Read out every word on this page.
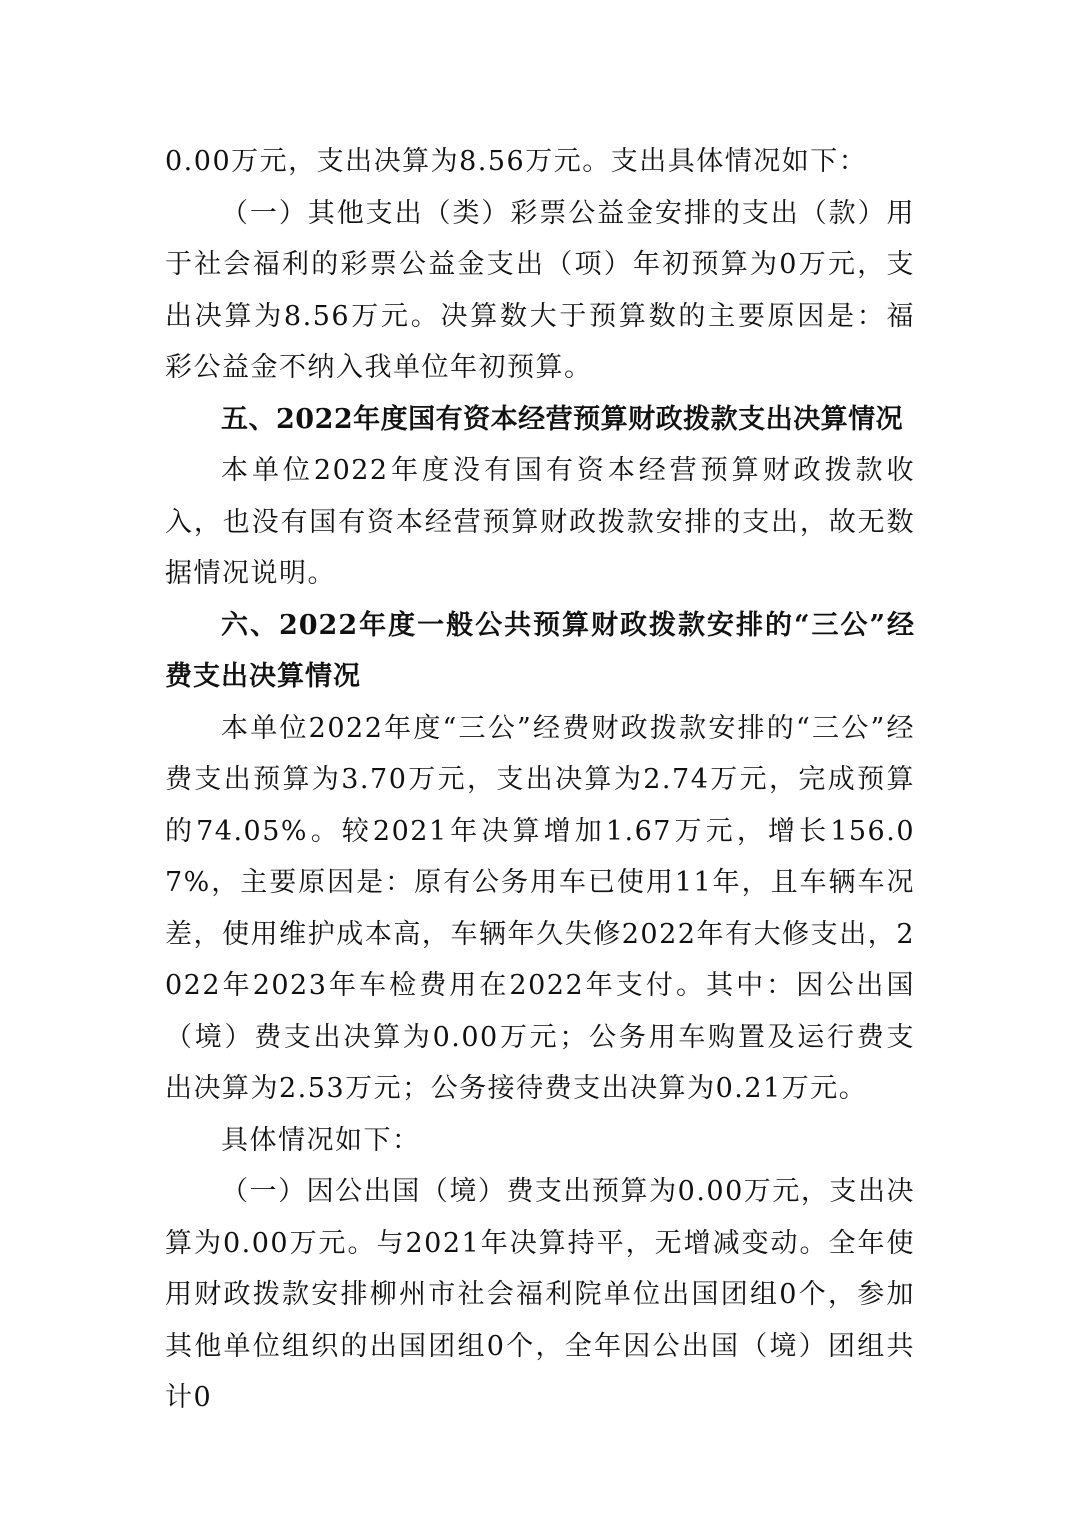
0.00万元，支出决算为8.56万元。支出具体情况如下：

（一）其他支出（类）彩票公益金安排的支出（款）用于社会福利的彩票公益金支出（项）年初预算为0万元，支出决算为8.56万元。决算数大于预算数的主要原因是：福彩公益金不纳入我单位年初预算。

五、2022年度国有资本经营预算财政拨款支出决算情况

本单位2022年度没有国有资本经营预算财政拨款收入，也没有国有资本经营预算财政拨款安排的支出，故无数据情况说明。

六、2022年度一般公共预算财政拨款安排的“三公”经费支出决算情况

本单位2022年度“三公”经费财政拨款安排的“三公”经费支出预算为3.70万元，支出决算为2.74万元，完成预算的74.05%。较2021年决算增加1.67万元，增长156.07%，主要原因是：原有公务用车已使用11年，且车辆车况差，使用维护成本高，车辆年久失修2022年有大修支出，2022年2023年车检费用在2022年支付。其中：因公出国（境）费支出决算为0.00万元；公务用车购置及运行费支出决算为2.53万元；公务接待费支出决算为0.21万元。

具体情况如下：

（一）因公出国（境）费支出预算为0.00万元，支出决算为0.00万元。与2021年决算持平，无增减变动。全年使用财政拨款安排柳州市社会福利院单位出国团组0个，参加其他单位组织的出国团组0个，全年因公出国（境）团组共计0
